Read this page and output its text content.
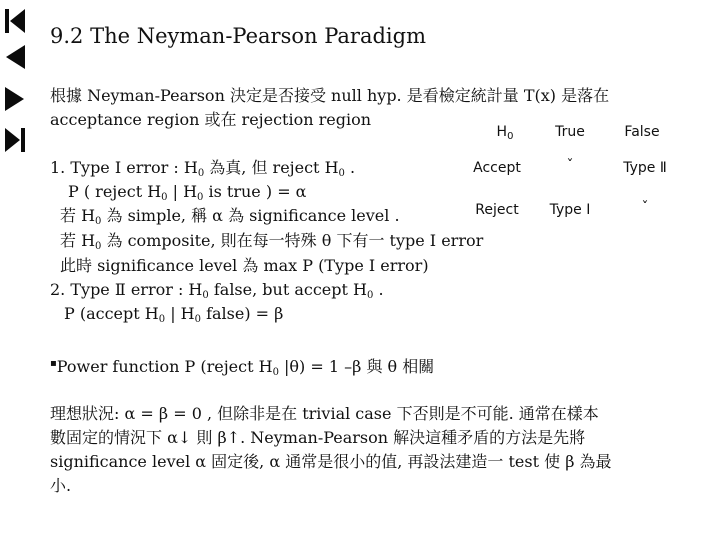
9.2 The Neyman-Pearson Paradigm
根據 Neyman-Pearson 決定是否接受 null hyp. 是看檢定統計量 T(x) 是落在
acceptance region 或在 rejection region
$H_0$	True	False
Accept	ˇ	Type Ⅱ
Reject	Type Ⅰ	ˇ
1. Type Ⅰ error : $H_0$ 為真, 但 reject $H_0$ .
P ( reject $H_0$ | $H_0$ is true ) = α
若 $H_0$ 為 simple, 稱 α 為 significance level .
若 $H_0$ 為 composite, 則在每一特殊 θ 下有一 type Ⅰ error
此時 significance level 為 max P (Type Ⅰ error)
2. Type Ⅱ error : $H_0$ false, but accept $H_0$ .
P (accept $H_0$ | $H_0$ false) = β
▪Power function P (reject $H_0$ |θ) = 1 –β 與 θ 相關
理想狀況: α = β = 0 , 但除非是在 trivial case 下否則是不可能. 通常在樣本
數固定的情況下 α↓ 則 β↑. Neyman-Pearson 解決這種矛盾的方法是先將
significance level α 固定後, α 通常是很小的值, 再設法建造一 test 使 β 為最
小.
